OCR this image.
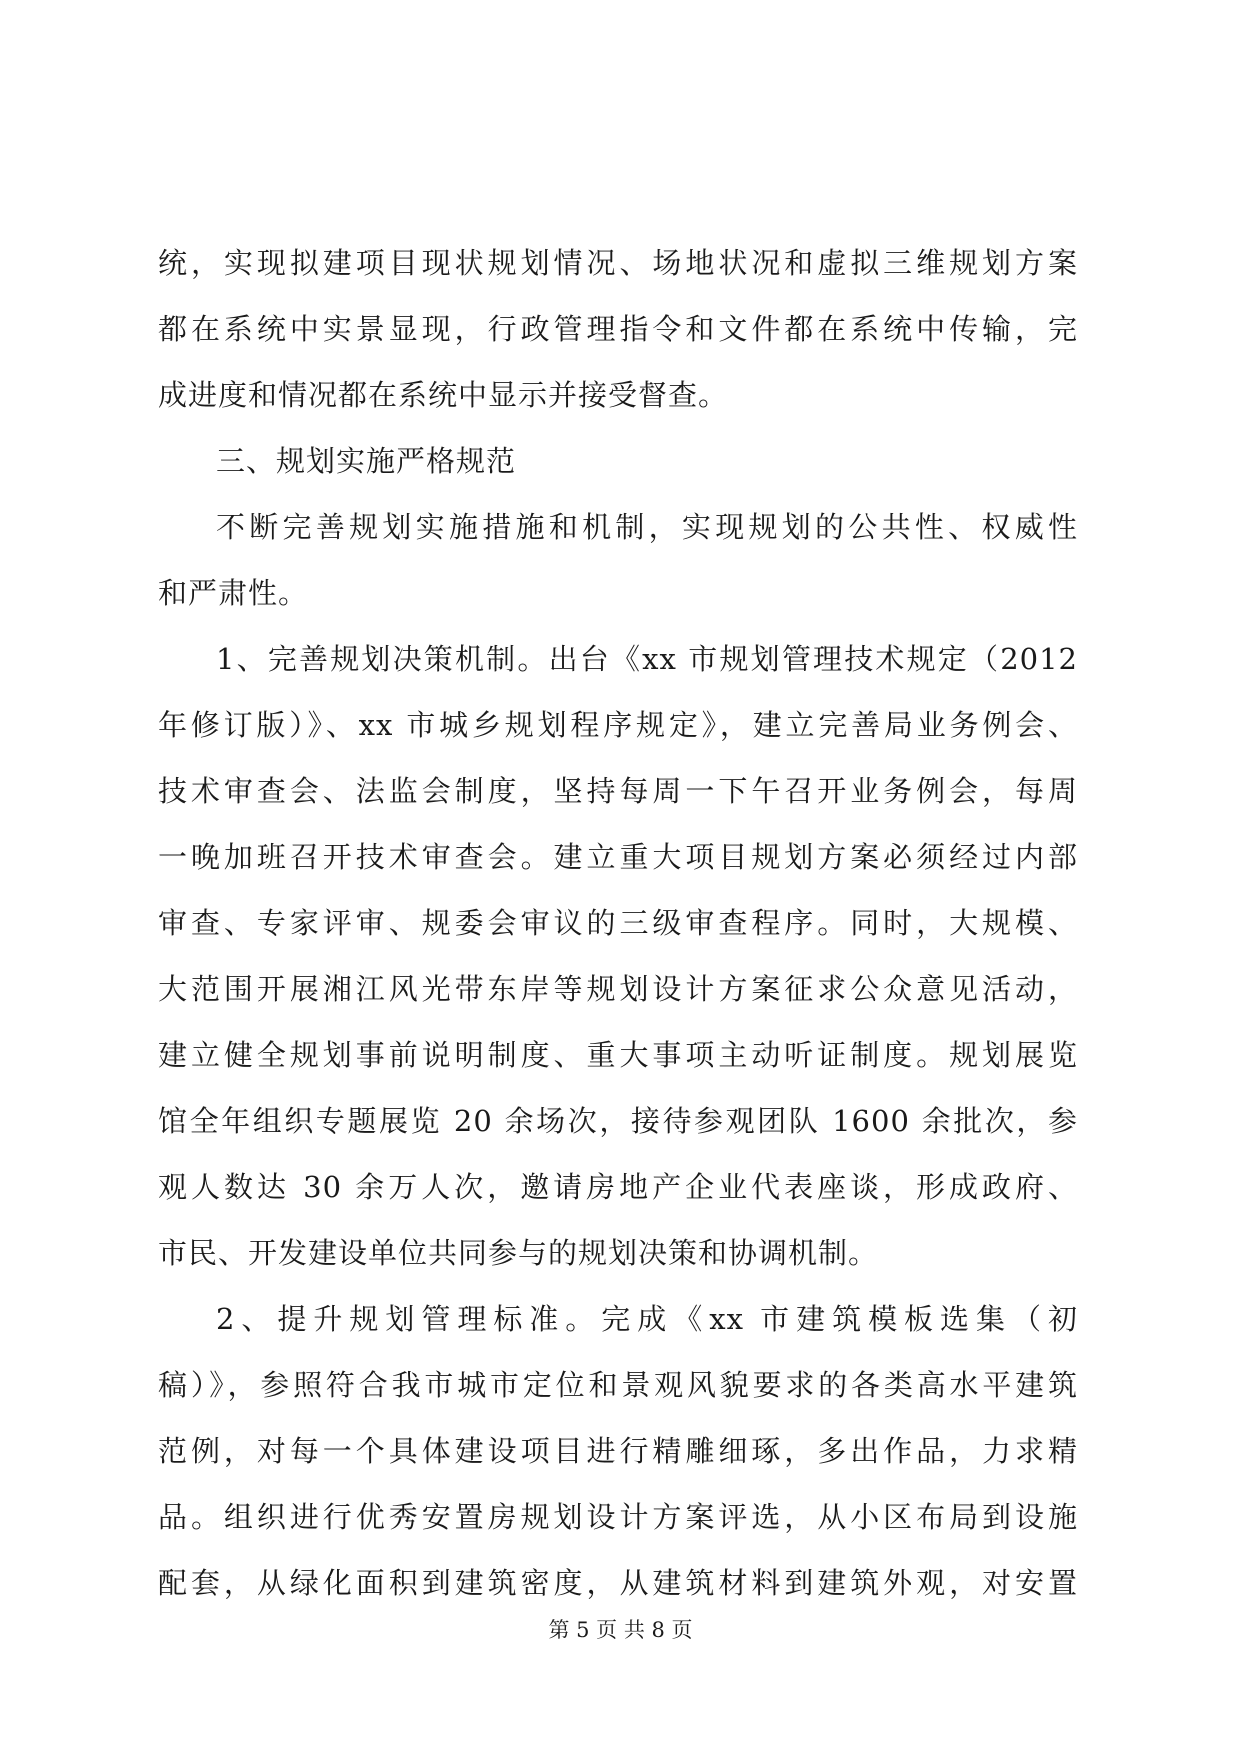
统，实现拟建项目现状规划情况、场地状况和虚拟三维规划方案
都在系统中实景显现，行政管理指令和文件都在系统中传输，完
成进度和情况都在系统中显示并接受督查。
三、规划实施严格规范
不断完善规划实施措施和机制，实现规划的公共性、权威性
和严肃性。
1、完善规划决策机制。出台《xx 市规划管理技术规定（2012
年修订版）》、xx 市城乡规划程序规定》，建立完善局业务例会、
技术审查会、法监会制度，坚持每周一下午召开业务例会，每周
一晚加班召开技术审查会。建立重大项目规划方案必须经过内部
审查、专家评审、规委会审议的三级审查程序。同时，大规模、
大范围开展湘江风光带东岸等规划设计方案征求公众意见活动，
建立健全规划事前说明制度、重大事项主动听证制度。规划展览
馆全年组织专题展览 20 余场次，接待参观团队 1600 余批次，参
观人数达 30 余万人次，邀请房地产企业代表座谈，形成政府、
市民、开发建设单位共同参与的规划决策和协调机制。
2、提升规划管理标准。完成《xx 市建筑模板选集（初
稿）》，参照符合我市城市定位和景观风貌要求的各类高水平建筑
范例，对每一个具体建设项目进行精雕细琢，多出作品，力求精
品。组织进行优秀安置房规划设计方案评选，从小区布局到设施
配套，从绿化面积到建筑密度，从建筑材料到建筑外观，对安置
第 5 页 共 8 页
